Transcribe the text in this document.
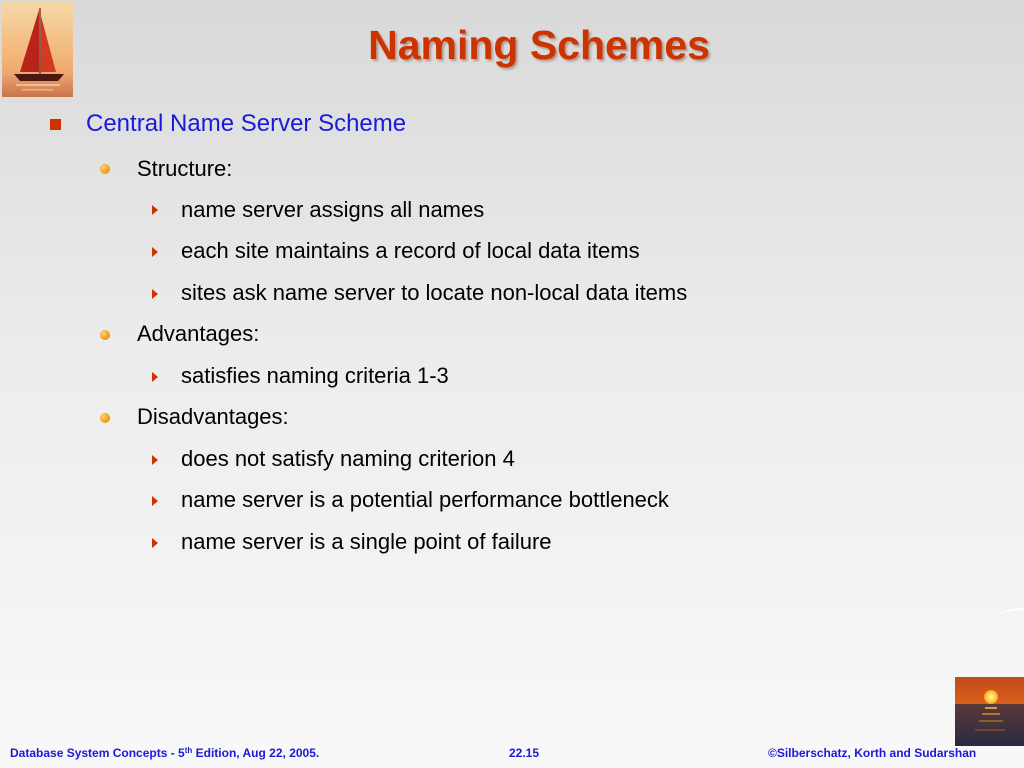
Naming Schemes
Central Name Server Scheme
Structure:
name server assigns all names
each site maintains a record of local data items
sites ask name server to locate non-local data items
Advantages:
satisfies naming criteria 1-3
Disadvantages:
does not satisfy naming criterion 4
name server is a potential performance bottleneck
name server is a single point of failure
Database System Concepts - 5th Edition, Aug 22, 2005.	22.15	©Silberschatz, Korth and Sudarshan
